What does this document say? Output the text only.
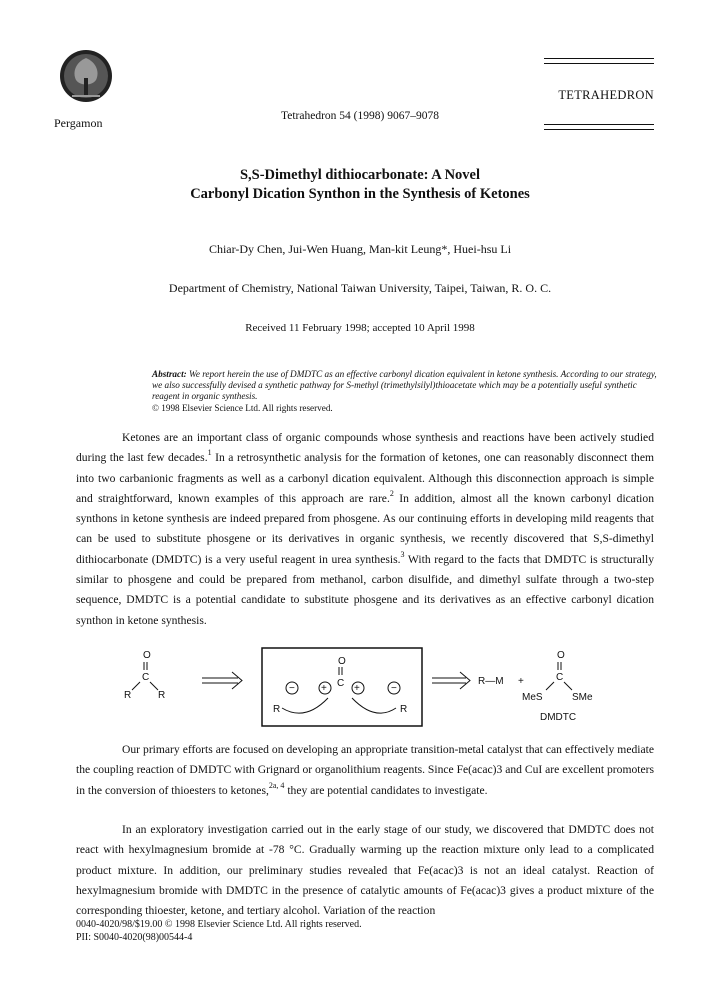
Pergamon	Tetrahedron 54 (1998) 9067–9078
TETRAHEDRON
S,S-Dimethyl dithiocarbonate: A Novel
Carbonyl Dication Synthon in the Synthesis of Ketones
Chiar-Dy Chen, Jui-Wen Huang, Man-kit Leung*, Huei-hsu Li
Department of Chemistry, National Taiwan University, Taipei, Taiwan, R. O. C.
Received 11 February 1998; accepted 10 April 1998
Abstract: We report herein the use of DMDTC as an effective carbonyl dication equivalent in ketone synthesis. According to our strategy, we also successfully devised a synthetic pathway for S-methyl (trimethylsilyl)thioacetate which may be a potentially useful synthetic reagent in organic synthesis.
© 1998 Elsevier Science Ltd. All rights reserved.

Ketones are an important class of organic compounds whose synthesis and reactions have been actively studied during the last few decades.$^1$ In a retrosynthetic analysis for the formation of ketones, one can reasonably disconnect them into two carbanionic fragments as well as a carbonyl dication equivalent. Although this disconnection approach is simple and straightforward, known examples of this approach are rare.$^2$ In addition, almost all the known carbonyl dication synthons in ketone synthesis are indeed prepared from phosgene. As our continuing efforts in developing mild reagents that can be used to substitute phosgene or its derivatives in organic synthesis, we recently discovered that S,S-dimethyl dithiocarbonate (DMDTC) is a very useful reagent in urea synthesis.$^3$ With regard to the facts that DMDTC is structurally similar to phosgene and could be prepared from methanol, carbon disulfide, and dimethyl sulfate through a two-step sequence, DMDTC is a potential candidate to substitute phosgene and its derivatives as an effective carbonyl dication synthon in ketone synthesis.

O
C
R	R
O
C
−	+	+	−
R	R
R—M +
O
C
MeS	SMe
DMDTC

Our primary efforts are focused on developing an appropriate transition-metal catalyst that can effectively mediate the coupling reaction of DMDTC with Grignard or organolithium reagents. Since Fe(acac)3 and CuI are excellent promoters in the conversion of thioesters to ketones,$^{2a, 4}$ they are potential candidates to investigate.

In an exploratory investigation carried out in the early stage of our study, we discovered that DMDTC does not react with hexylmagnesium bromide at -78 °C. Gradually warming up the reaction mixture only lead to a complicated product mixture. In addition, our preliminary studies revealed that Fe(acac)3 is not an ideal catalyst. Reaction of hexylmagnesium bromide with DMDTC in the presence of catalytic amounts of Fe(acac)3 gives a product mixture of the corresponding thioester, ketone, and tertiary alcohol. Variation of the reaction

0040-4020/98/$19.00 © 1998 Elsevier Science Ltd. All rights reserved.
PII: S0040-4020(98)00544-4
